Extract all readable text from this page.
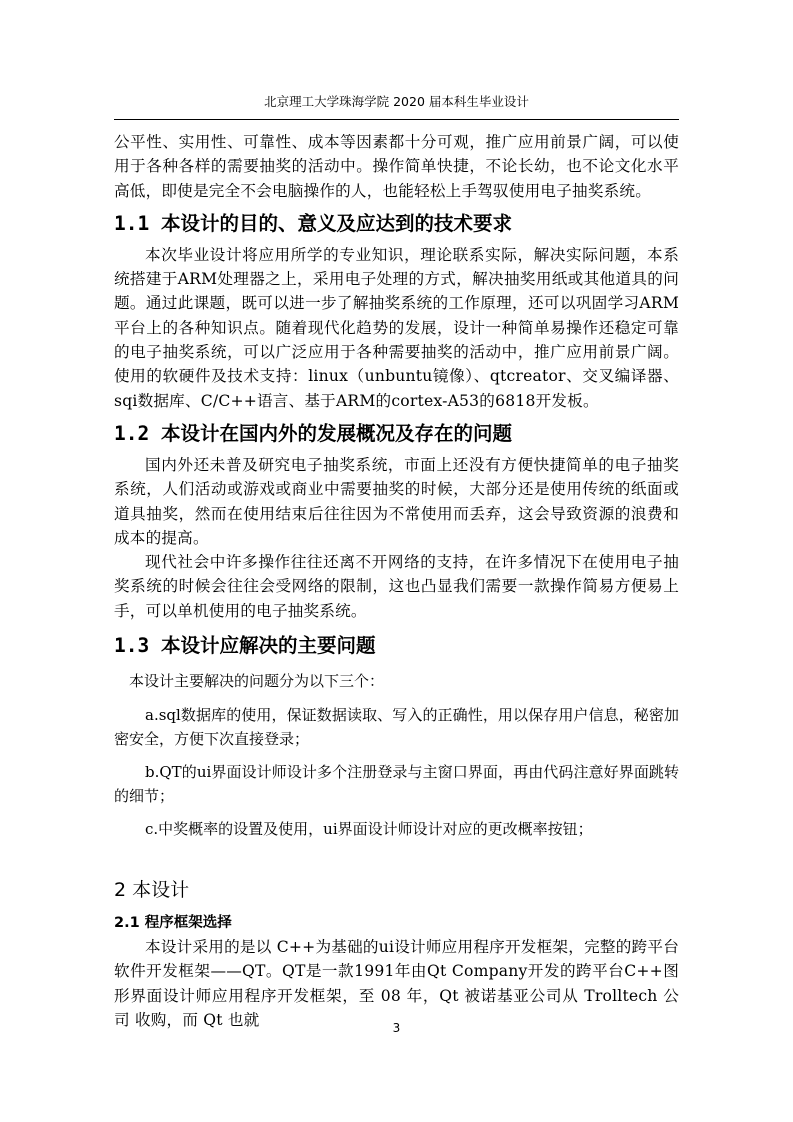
北京理工大学珠海学院 2020 届本科生毕业设计

公平性、实用性、可靠性、成本等因素都十分可观，推广应用前景广阔，可以使用于各种各样的需要抽奖的活动中。操作简单快捷，不论长幼，也不论文化水平高低，即使是完全不会电脑操作的人，也能轻松上手驾驭使用电子抽奖系统。

1.1 本设计的目的、意义及应达到的技术要求

本次毕业设计将应用所学的专业知识，理论联系实际，解决实际问题，本系统搭建于ARM处理器之上，采用电子处理的方式，解决抽奖用纸或其他道具的问题。通过此课题，既可以进一步了解抽奖系统的工作原理，还可以巩固学习ARM平台上的各种知识点。随着现代化趋势的发展，设计一种简单易操作还稳定可靠的电子抽奖系统，可以广泛应用于各种需要抽奖的活动中，推广应用前景广阔。使用的软硬件及技术支持：linux（unbuntu镜像）、qtcreator、交叉编译器、sqi数据库、C/C++语言、基于ARM的cortex-A53的6818开发板。

1.2 本设计在国内外的发展概况及存在的问题

国内外还未普及研究电子抽奖系统，市面上还没有方便快捷简单的电子抽奖系统，人们活动或游戏或商业中需要抽奖的时候，大部分还是使用传统的纸面或道具抽奖，然而在使用结束后往往因为不常使用而丢弃，这会导致资源的浪费和成本的提高。

现代社会中许多操作往往还离不开网络的支持，在许多情况下在使用电子抽奖系统的时候会往往会受网络的限制，这也凸显我们需要一款操作简易方便易上手，可以单机使用的电子抽奖系统。

1.3 本设计应解决的主要问题

本设计主要解决的问题分为以下三个：

a.sql数据库的使用，保证数据读取、写入的正确性，用以保存用户信息，秘密加密安全，方便下次直接登录；

b.QT的ui界面设计师设计多个注册登录与主窗口界面，再由代码注意好界面跳转的细节；

c.中奖概率的设置及使用，ui界面设计师设计对应的更改概率按钮；

2 本设计
2.1 程序框架选择

本设计采用的是以 C++为基础的ui设计师应用程序开发框架，完整的跨平台软件开发框架——QT。QT是一款1991年由Qt Company开发的跨平台C++图形界面设计师应用程序开发框架，至 08 年，Qt 被诺基亚公司从 Trolltech 公司 收购，而 Qt 也就	3
